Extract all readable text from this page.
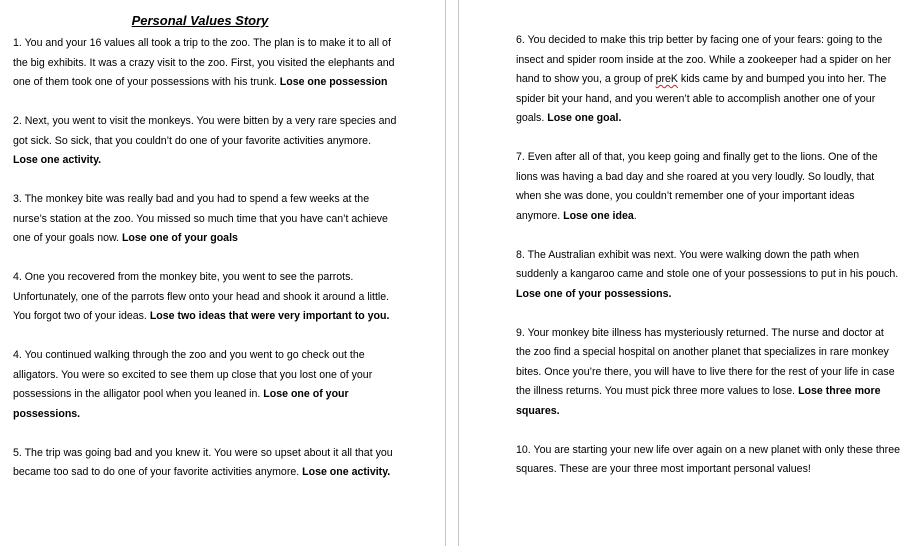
Personal Values Story

1. You and your 16 values all took a trip to the zoo. The plan is to make it to all of the big exhibits. It was a crazy visit to the zoo. First, you visited the elephants and one of them took one of your possessions with his trunk. Lose one possession

2. Next, you went to visit the monkeys. You were bitten by a very rare species and got sick. So sick, that you couldn’t do one of your favorite activities anymore. Lose one activity.

3. The monkey bite was really bad and you had to spend a few weeks at the nurse’s station at the zoo. You missed so much time that you have can’t achieve one of your goals now. Lose one of your goals

4. One you recovered from the monkey bite, you went to see the parrots. Unfortunately, one of the parrots flew onto your head and shook it around a little. You forgot two of your ideas. Lose two ideas that were very important to you.

4. You continued walking through the zoo and you went to go check out the alligators. You were so excited to see them up close that you lost one of your possessions in the alligator pool when you leaned in. Lose one of your possessions.

5. The trip was going bad and you knew it. You were so upset about it all that you became too sad to do one of your favorite activities anymore. Lose one activity.

6. You decided to make this trip better by facing one of your fears: going to the insect and spider room inside at the zoo. While a zookeeper had a spider on her hand to show you, a group of preK kids came by and bumped you into her. The spider bit your hand, and you weren’t able to accomplish another one of your goals. Lose one goal.

7. Even after all of that, you keep going and finally get to the lions. One of the lions was having a bad day and she roared at you very loudly. So loudly, that when she was done, you couldn’t remember one of your important ideas anymore. Lose one idea.

8. The Australian exhibit was next. You were walking down the path when suddenly a kangaroo came and stole one of your possessions to put in his pouch. Lose one of your possessions.

9. Your monkey bite illness has mysteriously returned. The nurse and doctor at the zoo find a special hospital on another planet that specializes in rare monkey bites. Once you’re there, you will have to live there for the rest of your life in case the illness returns. You must pick three more values to lose. Lose three more squares.

10. You are starting your new life over again on a new planet with only these three squares. These are your three most important personal values!
